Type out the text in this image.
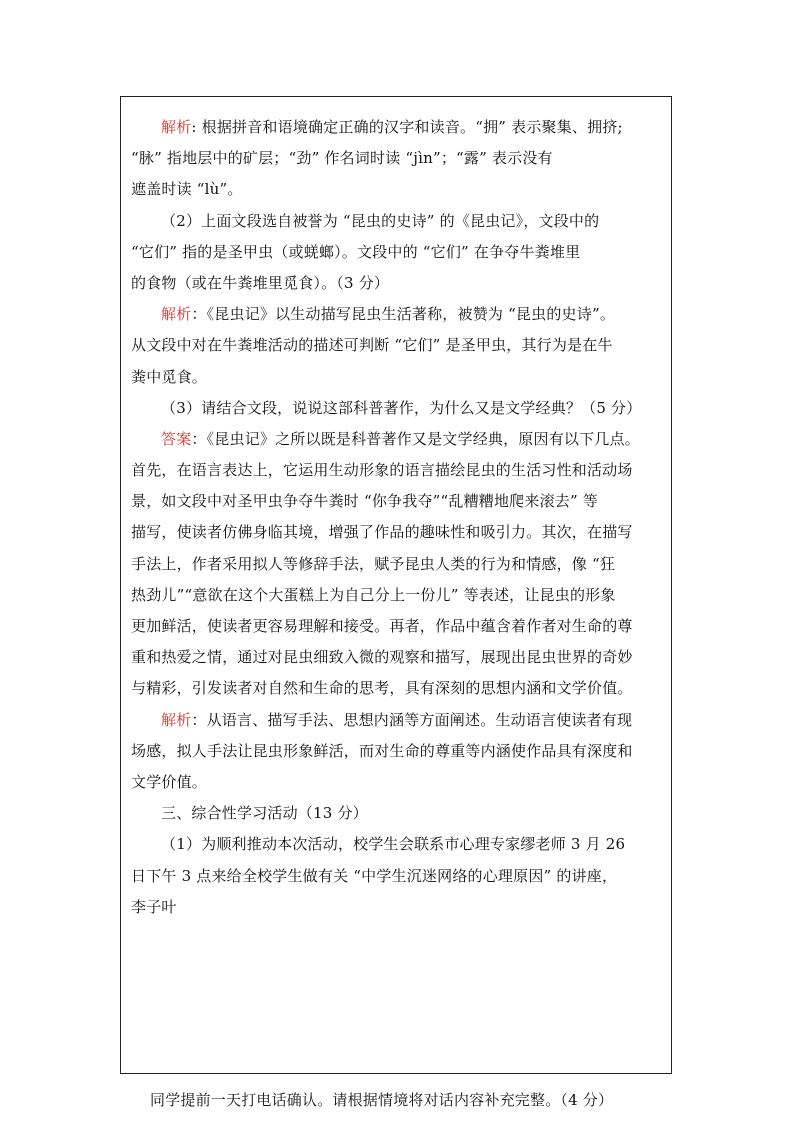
解析: 根据拼音和语境确定正确的汉字和读音。“拥” 表示聚集、拥挤;
“脉” 指地层中的矿层；“劲” 作名词时读 “jìn”；“露” 表示没有
遮盖时读 “lù”。
（2）上面文段选自被誉为 “昆虫的史诗” 的《昆虫记》，文段中的
“它们” 指的是圣甲虫（或蜣螂）。文段中的 “它们” 在争夺牛粪堆里
的食物（或在牛粪堆里觅食）。（3 分）
解析：《昆虫记》以生动描写昆虫生活著称，被赞为 “昆虫的史诗”。
从文段中对在牛粪堆活动的描述可判断 “它们” 是圣甲虫，其行为是在牛
粪中觅食。
（3）请结合文段，说说这部科普著作，为什么又是文学经典？（5 分）
答案：《昆虫记》之所以既是科普著作又是文学经典，原因有以下几点。
首先，在语言表达上，它运用生动形象的语言描绘昆虫的生活习性和活动场
景，如文段中对圣甲虫争夺牛粪时 “你争我夺”“乱糟糟地爬来滚去” 等
描写，使读者仿佛身临其境，增强了作品的趣味性和吸引力。其次，在描写
手法上，作者采用拟人等修辞手法，赋予昆虫人类的行为和情感，像 “狂
热劲儿”“意欲在这个大蛋糕上为自己分上一份儿” 等表述，让昆虫的形象
更加鲜活，使读者更容易理解和接受。再者，作品中蕴含着作者对生命的尊
重和热爱之情，通过对昆虫细致入微的观察和描写，展现出昆虫世界的奇妙
与精彩，引发读者对自然和生命的思考，具有深刻的思想内涵和文学价值。
解析：从语言、描写手法、思想内涵等方面阐述。生动语言使读者有现
场感，拟人手法让昆虫形象鲜活，而对生命的尊重等内涵使作品具有深度和
文学价值。
三、综合性学习活动（13 分）
（1）为顺利推动本次活动，校学生会联系市心理专家缪老师 3 月 26
日下午 3 点来给全校学生做有关 “中学生沉迷网络的心理原因” 的讲座，
李子叶
同学提前一天打电话确认。请根据情境将对话内容补充完整。（4 分）
